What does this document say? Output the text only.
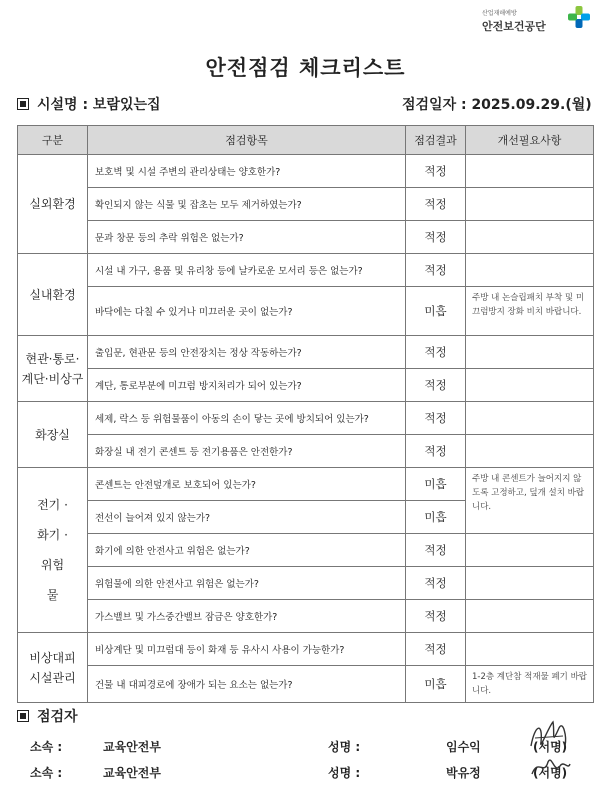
산업재해예방
안전보건공단
안전점검 체크리스트
시설명 : 보람있는집	점검일자 : 2025.09.29.(월)
구분	점검항목	점검결과	개선필요사항
실외환경	보호벽 및 시설 주변의 관리상태는 양호한가?	적정	
	확인되지 않는 식물 및 잡초는 모두 제거하였는가?	적정	
	문과 창문 등의 추락 위험은 없는가?	적정	
실내환경	시설 내 가구, 용품 및 유리창 등에 날카로운 모서리 등은 없는가?	적정	
	바닥에는 다칠 수 있거나 미끄러운 곳이 없는가?	미흡	주방 내 논슬립패치 부착 및 미끄럼방지 장화 비치 바랍니다.
현관·통로· 계단·비상구	출입문, 현관문 등의 안전장치는 정상 작동하는가?	적정	
	계단, 통로부분에 미끄럼 방지처리가 되어 있는가?	적정	
화장실	세제, 락스 등 위험물품이 아동의 손이 닿는 곳에 방치되어 있는가?	적정	
	화장실 내 전기 콘센트 등 전기용품은 안전한가?	적정	
전기 · 화기 · 위험물	콘센트는 안전덮개로 보호되어 있는가?	미흡	주방 내 콘센트가 늘어지지 않도록 고정하고, 덮개 설치 바랍니다.
	전선이 늘어져 있지 않는가?	미흡	
	화기에 의한 안전사고 위험은 없는가?	적정	
	위험물에 의한 안전사고 위험은 없는가?	적정	
	가스밸브 및 가스중간밸브 잠금은 양호한가?	적정	
비상대피 시설관리	비상계단 및 미끄럼대 등이 화재 등 유사시 사용이 가능한가?	적정	
	건물 내 대피경로에 장애가 되는 요소는 없는가?	미흡	1-2층 계단참 적재물 폐기 바랍니다.
점검자
소속 :	교육안전부	성명 :	임수익	(서명)
소속 :	교육안전부	성명 :	박유정	(서명)
